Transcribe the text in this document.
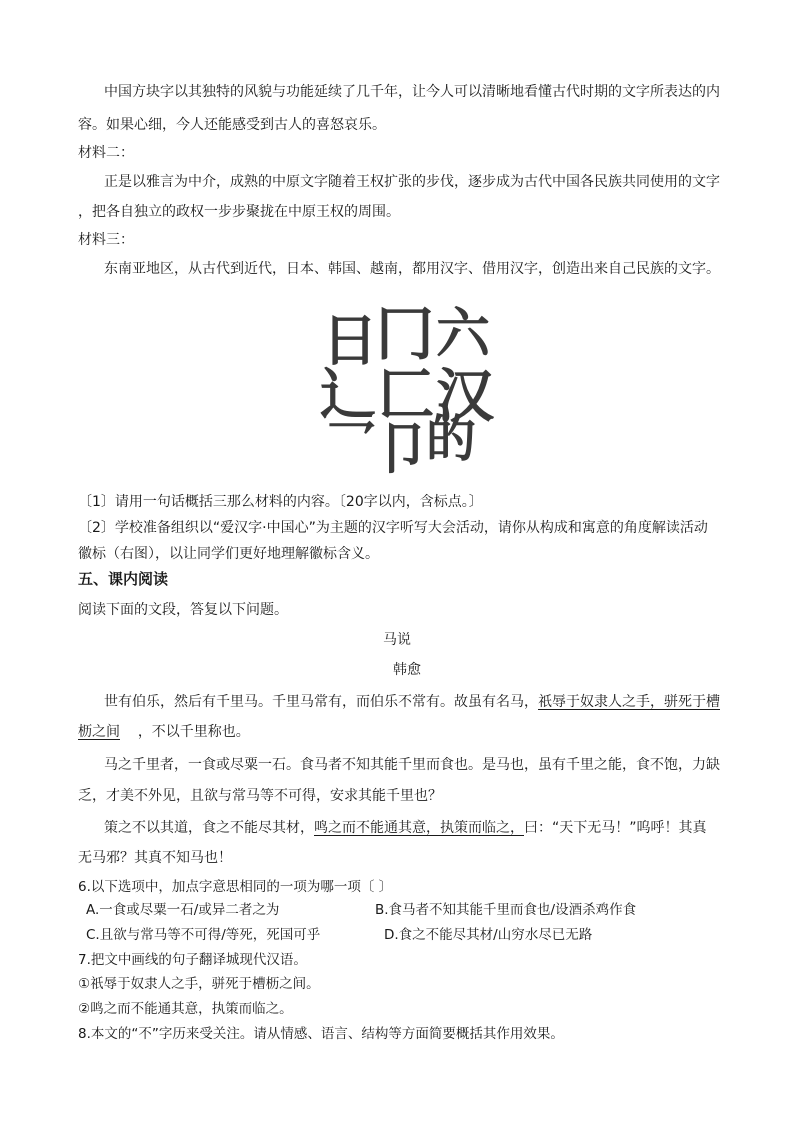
中国方块字以其独特的风貌与功能延续了几千年，让今人可以清晰地看懂古代时期的文字所表达的内
容。如果心细，今人还能感受到古人的喜怒哀乐。
材料二：
正是以雅言为中介，成熟的中原文字随着王权扩张的步伐，逐步成为古代中国各民族共同使用的文字
，把各自独立的政权一步步聚拢在中原王权的周围。
材料三：
东南亚地区，从古代到近代，日本、韩国、越南，都用汉字、借用汉字，创造出来自己民族的文字。
日
冂 六
辶 匚 汉
乛
卩
的
〔1〕请用一句话概括三那么材料的内容。〔20字以内，含标点。〕
〔2〕学校准备组织以“爱汉字·中国心”为主题的汉字听写大会活动，请你从构成和寓意的角度解读活动
徽标（右图），以让同学们更好地理解徽标含义。
五、课内阅读
阅读下面的文段，答复以下问题。
马说
韩愈
世有伯乐，然后有千里马。千里马常有，而伯乐不常有。故虽有名马，祇辱于奴隶人之手，骈死于槽
枥之间 ，不以千里称也。
马之千里者，一食或尽粟一石。食马者不知其能千里而食也。是马也，虽有千里之能，食不饱，力缺
乏，才美不外见，且欲与常马等不可得，安求其能千里也？
策之不以其道，食之不能尽其材，鸣之而不能通其意，执策而临之，曰：“天下无马！”呜呼！其真
无马邪？其真不知马也！
6.以下选项中，加点字意思相同的一项为哪一项〔 〕
A.一食或尽粟一石/或异二者之为	B.食马者不知其能千里而食也/设酒杀鸡作食
C.且欲与常马等不可得/等死，死国可乎	D.食之不能尽其材/山穷水尽已无路
7.把文中画线的句子翻译城现代汉语。
①祇辱于奴隶人之手，骈死于槽枥之间。
②鸣之而不能通其意，执策而临之。
8.本文的“不”字历来受关注。请从情感、语言、结构等方面简要概括其作用效果。
